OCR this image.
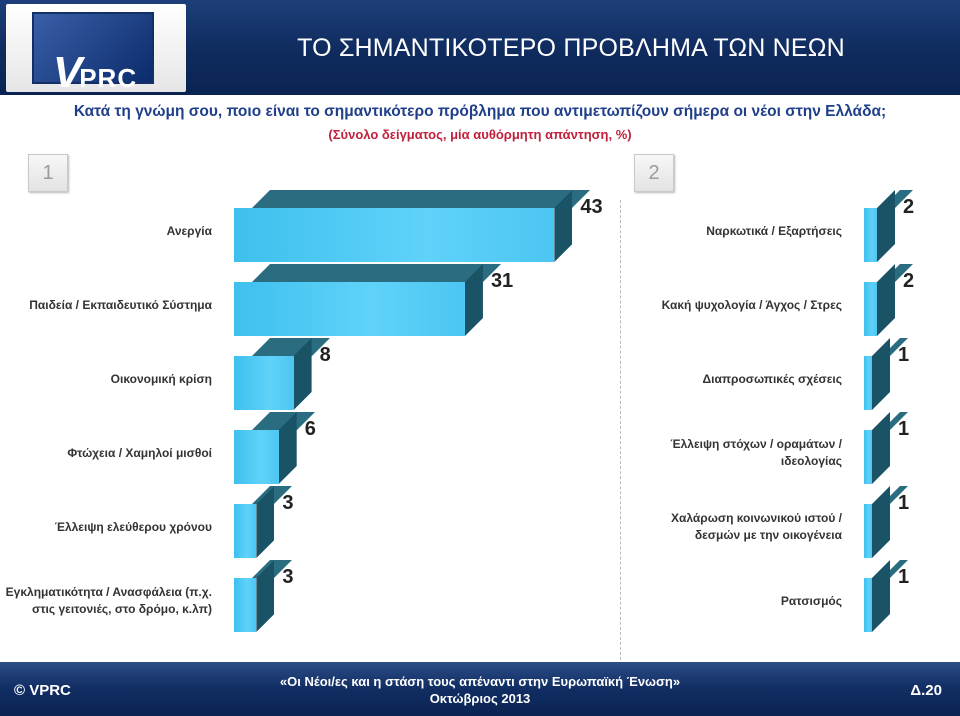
VPRC
ΤΟ ΣΗΜΑΝΤΙΚΟΤΕΡΟ ΠΡΟΒΛΗΜΑ ΤΩΝ ΝΕΩΝ
Κατά τη γνώμη σου, ποιο είναι το σημαντικότερο πρόβλημα που αντιμετωπίζουν σήμερα οι νέοι στην Ελλάδα;
(Σύνολο δείγματος, μία αυθόρμητη απάντηση, %)
1	2
43
Ανεργία
31
Παιδεία / Εκπαιδευτικό Σύστημα
8
Οικονομική κρίση
6
Φτώχεια / Χαμηλοί μισθοί
3
Έλλειψη ελεύθερου χρόνου
3
Εγκληματικότητα / Ανασφάλεια (π.χ. στις γειτονιές, στο δρόμο, κ.λπ)
2
Ναρκωτικά / Εξαρτήσεις
2
Κακή ψυχολογία / Άγχος / Στρες
1
Διαπροσωπικές σχέσεις
1
Έλλειψη στόχων / οραμάτων / ιδεολογίας
1
Χαλάρωση κοινωνικού ιστού / δεσμών με την οικογένεια
1
Ρατσισμός
© VPRC
«Οι Νέοι/ες και η στάση τους απέναντι στην Ευρωπαϊκή Ένωση»
Οκτώβριος 2013	Δ.20
